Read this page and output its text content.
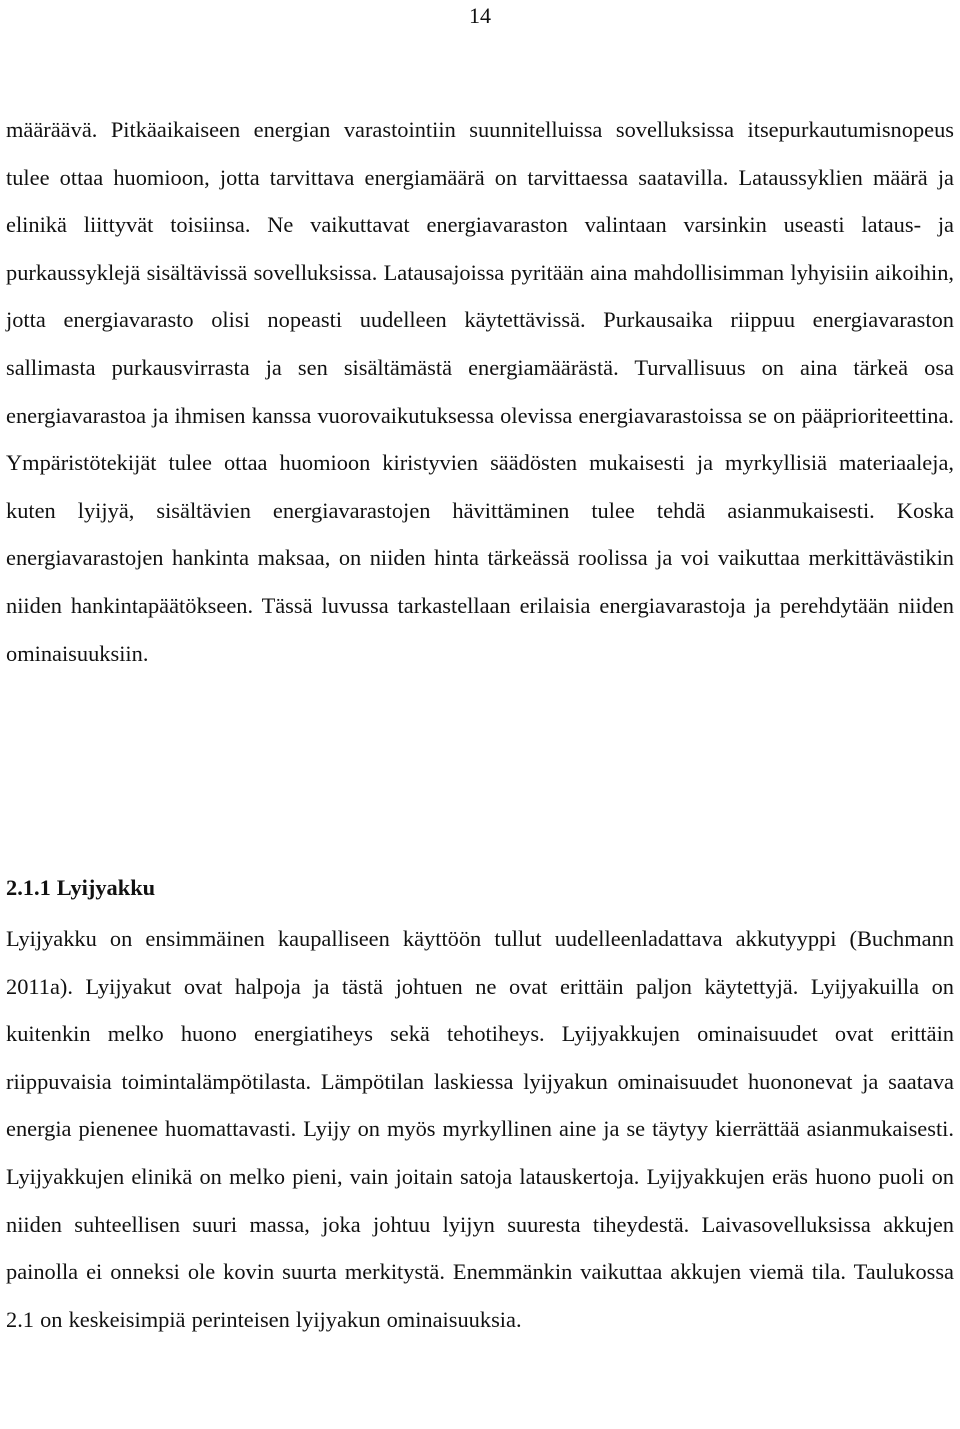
14

määräävä. Pitkäaikaiseen energian varastointiin suunnitelluissa sovelluksissa itsepurkautumisnopeus tulee ottaa huomioon, jotta tarvittava energiamäärä on tarvittaessa saatavilla. Lataussyklien määrä ja elinikä liittyvät toisiinsa. Ne vaikuttavat energiavaraston valintaan varsinkin useasti lataus- ja purkaussyklejä sisältävissä sovelluksissa. Latausajoissa pyritään aina mahdollisimman lyhyisiin aikoihin, jotta energiavarasto olisi nopeasti uudelleen käytettävissä. Purkausaika riippuu energiavaraston sallimasta purkausvirrasta ja sen sisältämästä energiamäärästä. Turvallisuus on aina tärkeä osa energiavarastoa ja ihmisen kanssa vuorovaikutuksessa olevissa energiavarastoissa se on pääprioriteettina. Ympäristötekijät tulee ottaa huomioon kiristyvien säädösten mukaisesti ja myrkyllisiä materiaaleja, kuten lyijyä, sisältävien energiavarastojen hävittäminen tulee tehdä asianmukaisesti. Koska energiavarastojen hankinta maksaa, on niiden hinta tärkeässä roolissa ja voi vaikuttaa merkittävästikin niiden hankintapäätökseen. Tässä luvussa tarkastellaan erilaisia energiavarastoja ja perehdytään niiden ominaisuuksiin.

2.1.1 Lyijyakku

Lyijyakku on ensimmäinen kaupalliseen käyttöön tullut uudelleenladattava akkutyyppi (Buchmann 2011a). Lyijyakut ovat halpoja ja tästä johtuen ne ovat erittäin paljon käytettyjä. Lyijyakuilla on kuitenkin melko huono energiatiheys sekä tehotiheys. Lyijyakkujen ominaisuudet ovat erittäin riippuvaisia toimintalämpötilasta. Lämpötilan laskiessa lyijyakun ominaisuudet huononevat ja saatava energia pienenee huomattavasti. Lyijy on myös myrkyllinen aine ja se täytyy kierrättää asianmukaisesti. Lyijyakkujen elinikä on melko pieni, vain joitain satoja latauskertoja. Lyijyakkujen eräs huono puoli on niiden suhteellisen suuri massa, joka johtuu lyijyn suuresta tiheydestä. Laivasovelluksissa akkujen painolla ei onneksi ole kovin suurta merkitystä. Enemmänkin vaikuttaa akkujen viemä tila. Taulukossa 2.1 on keskeisimpiä perinteisen lyijyakun ominaisuuksia.
